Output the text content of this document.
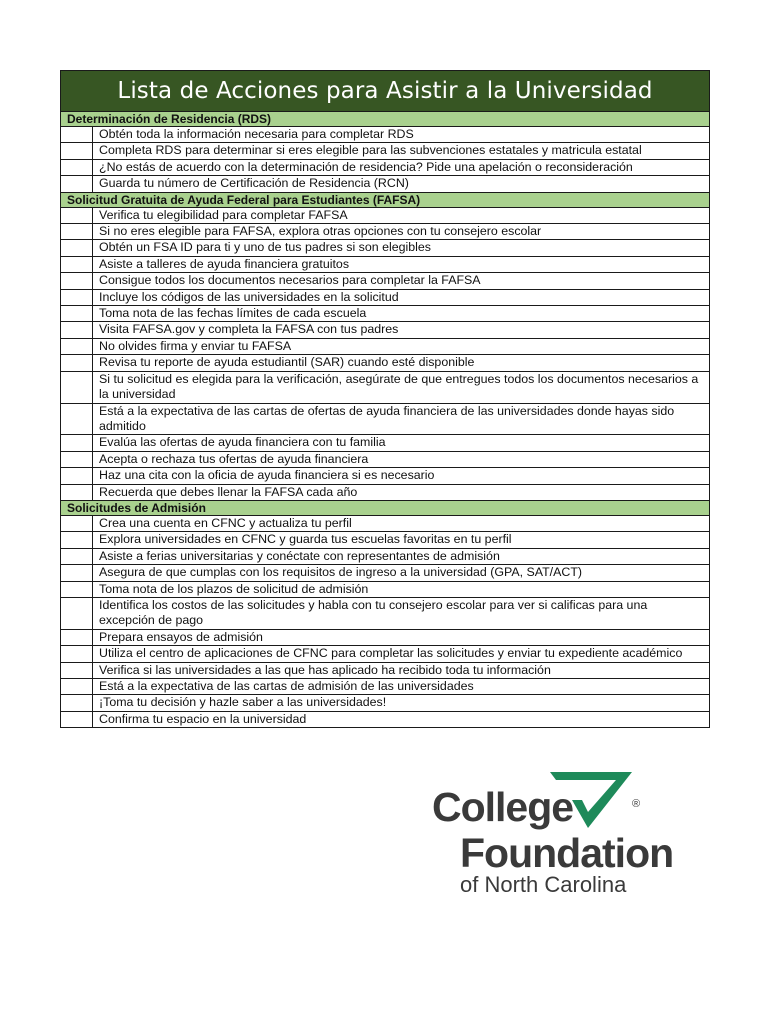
Lista de Acciones para Asistir a la Universidad	
Determinación de Residencia (RDS)	
	Obtén toda la información necesaria para completar RDS
	Completa RDS para determinar si eres elegible para las subvenciones estatales y matricula estatal
	¿No estás de acuerdo con la determinación de residencia? Pide una apelación o reconsideración
	Guarda tu número de Certificación de Residencia (RCN)
Solicitud Gratuita de Ayuda Federal para Estudiantes (FAFSA)	
	Verifica tu elegibilidad para completar FAFSA
	Si no eres elegible para FAFSA, explora otras opciones con tu consejero escolar
	Obtén un FSA ID para ti y uno de tus padres si son elegibles
	Asiste a talleres de ayuda financiera gratuitos
	Consigue todos los documentos necesarios para completar la FAFSA
	Incluye los códigos de las universidades en la solicitud
	Toma nota de las fechas límites de cada escuela
	Visita FAFSA.gov y completa la FAFSA con tus padres
	No olvides firma y enviar tu FAFSA
	Revisa tu reporte de ayuda estudiantil (SAR) cuando esté disponible
	Si tu solicitud es elegida para la verificación, asegúrate de que entregues todos los documentos necesarios a la universidad
	Está a la expectativa de las cartas de ofertas de ayuda financiera de las universidades donde hayas sido admitido
	Evalúa las ofertas de ayuda financiera con tu familia
	Acepta o rechaza tus ofertas de ayuda financiera
	Haz una cita con la oficia de ayuda financiera si es necesario
	Recuerda que debes llenar la FAFSA cada año
Solicitudes de Admisión	
	Crea una cuenta en CFNC y actualiza tu perfil
	Explora universidades en CFNC y guarda tus escuelas favoritas en tu perfil
	Asiste a ferias universitarias y conéctate con representantes de admisión
	Asegura de que cumplas con los requisitos de ingreso a la universidad (GPA, SAT/ACT)
	Toma nota de los plazos de solicitud de admisión
	Identifica los costos de las solicitudes y habla con tu consejero escolar para ver si calificas para una excepción de pago
	Prepara ensayos de admisión
	Utiliza el centro de aplicaciones de CFNC para completar las solicitudes y enviar tu expediente académico
	Verifica si las universidades a las que has aplicado ha recibido toda tu información
	Está a la expectativa de las cartas de admisión de las universidades
	¡Toma tu decisión y hazle saber a las universidades!
	Confirma tu espacio en la universidad
®
College
Foundation
of North Carolina
